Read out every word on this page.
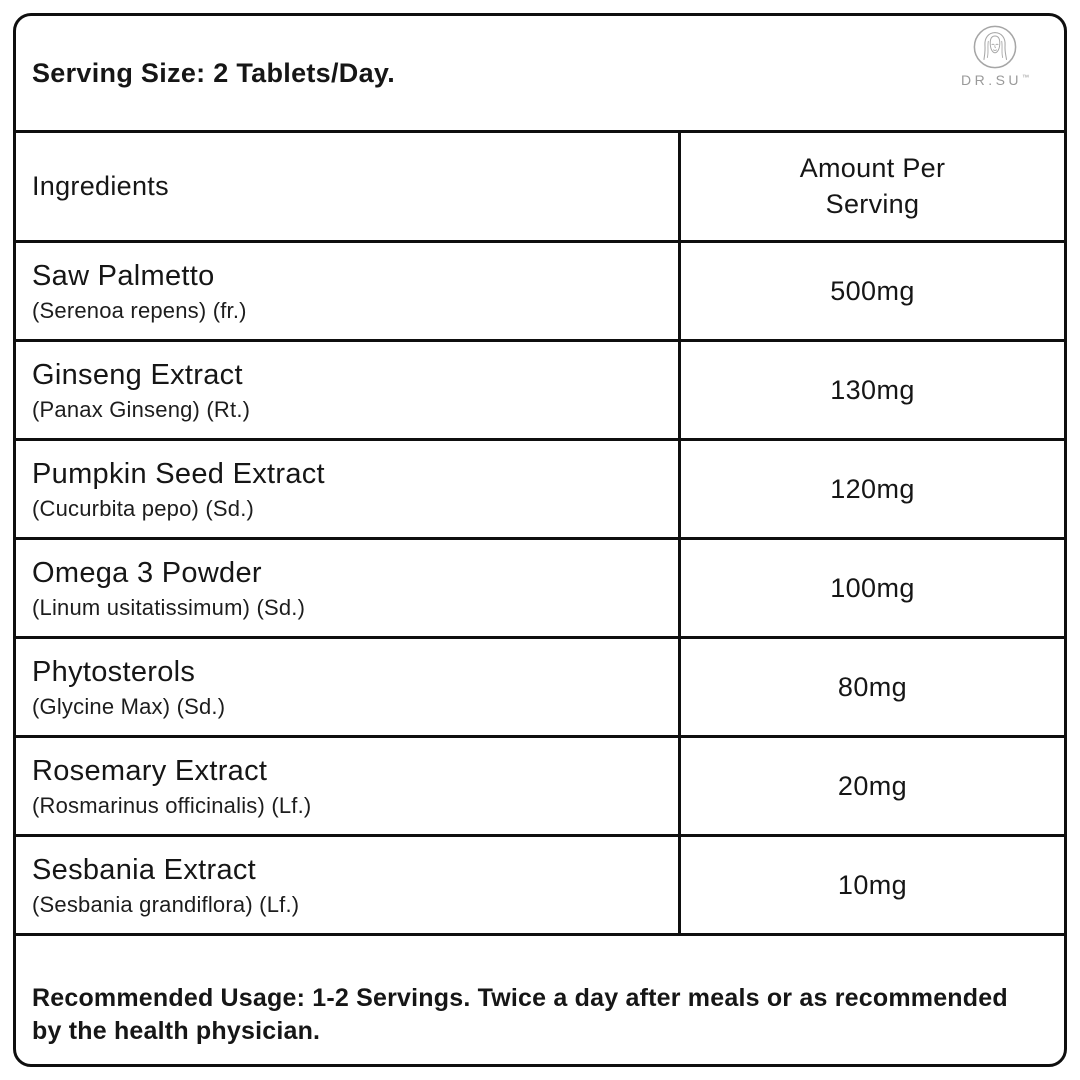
Serving Size: 2 Tablets/Day.	DR.SU™
Ingredients
Amount Per Serving
Saw Palmetto
(Serenoa repens) (fr.)
500mg
Ginseng Extract
(Panax Ginseng) (Rt.)
130mg
Pumpkin Seed Extract
(Cucurbita pepo) (Sd.)
120mg
Omega 3 Powder
(Linum usitatissimum) (Sd.)
100mg
Phytosterols
(Glycine Max) (Sd.)
80mg
Rosemary Extract
(Rosmarinus officinalis) (Lf.)
20mg
Sesbania Extract
(Sesbania grandiflora) (Lf.)
10mg
Recommended Usage: 1-2 Servings. Twice a day after meals or as recommended by the health physician.
